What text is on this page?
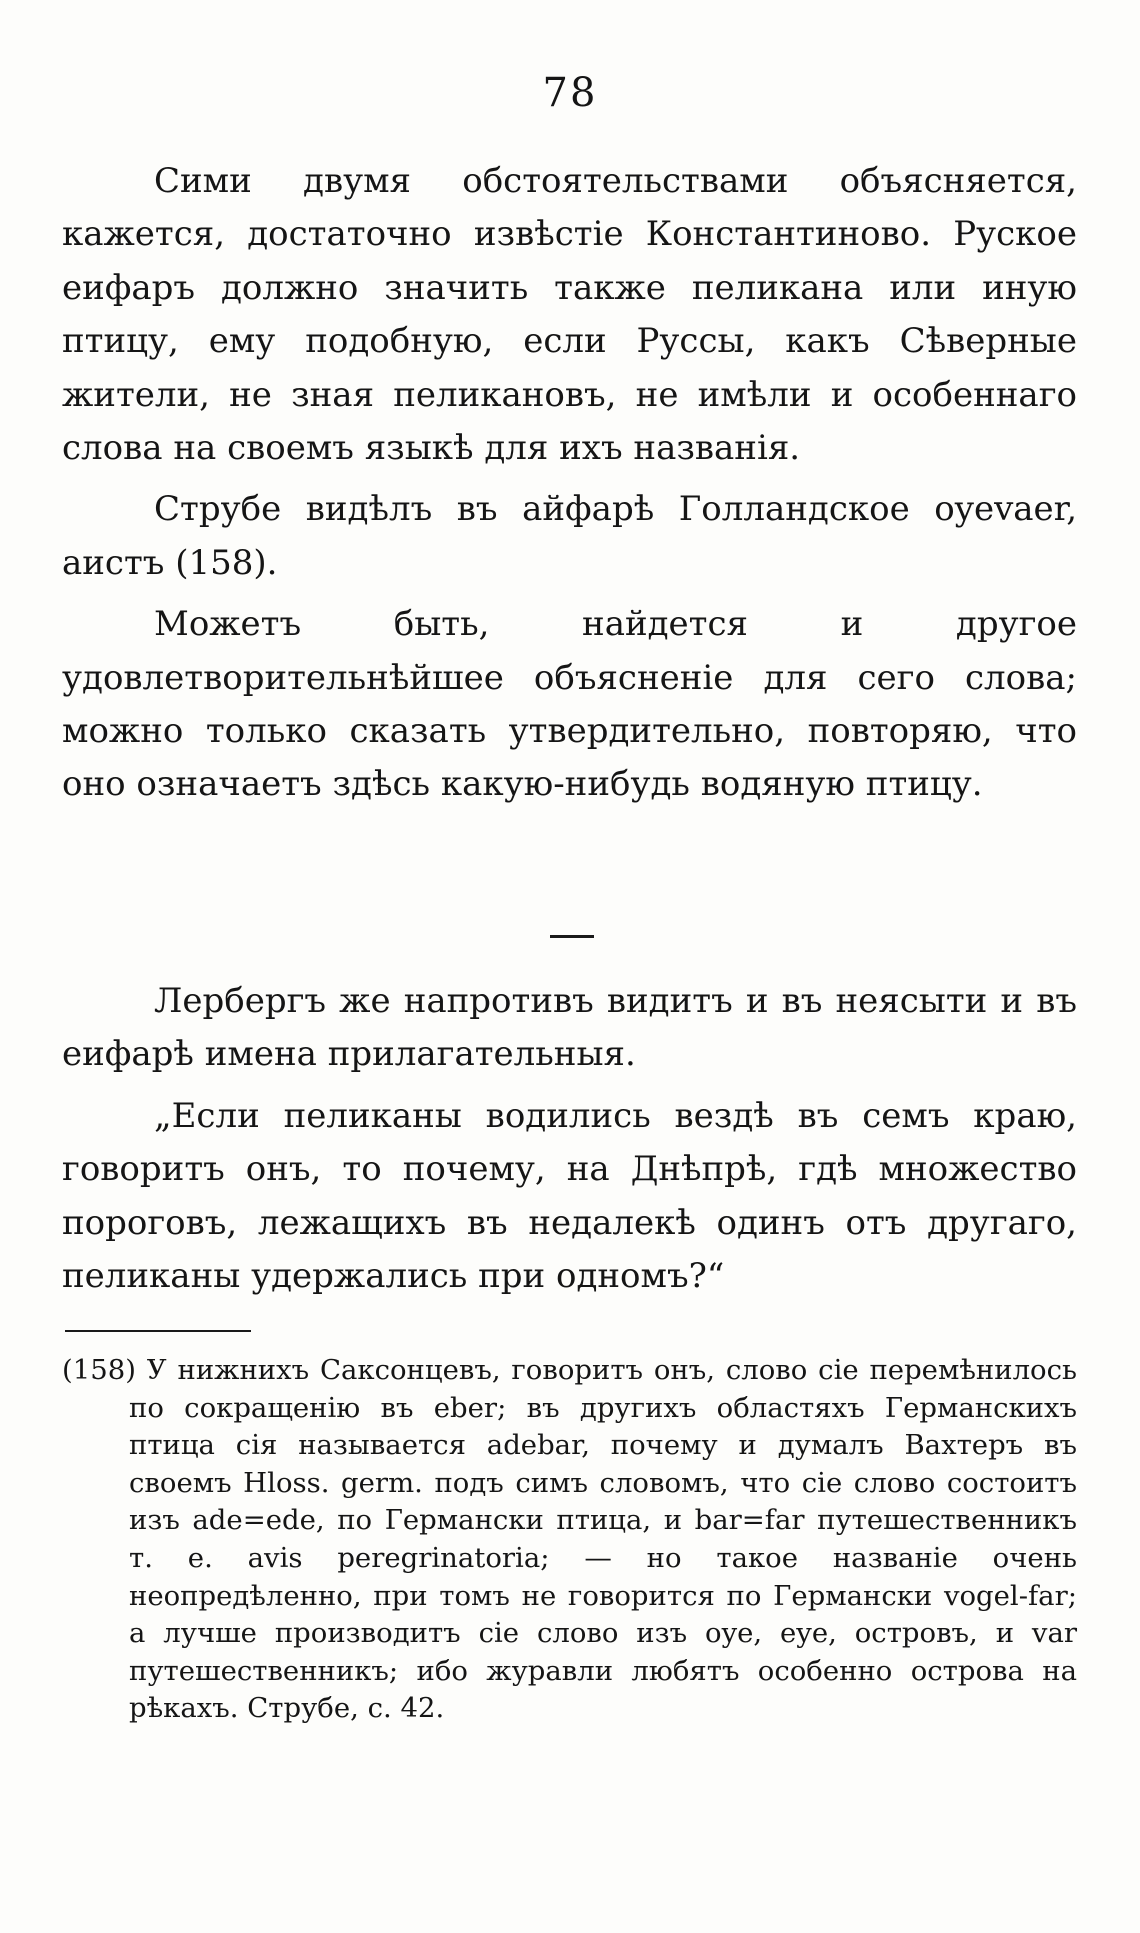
78

Сими двумя обстоятельствами объясняется, кажется, достаточно извѣстіе Константиново. Руское еифаръ должно значить также пеликана или иную птицу, ему подобную, если Руссы, какъ Сѣверные жители, не зная пеликановъ, не имѣли и особеннаго слова на своемъ языкѣ для ихъ названія.

Струбе видѣлъ въ айфарѣ Голландское oyevaer, аистъ (158).

Можетъ быть, найдется и другое удовлетворительнѣйшее объясненіе для сего слова; можно только сказать утвердительно, повторяю, что оно означаетъ здѣсь какую-нибудь водяную птицу.

Лербергъ же напротивъ видитъ и въ неясыти и въ еифарѣ имена прилагательныя.

„Если пеликаны водились вездѣ въ семъ краю, говоритъ онъ, то почему, на Днѣпрѣ, гдѣ множество пороговъ, лежащихъ въ недалекѣ одинъ отъ другаго, пеликаны удержались при одномъ?“

(158) У нижнихъ Саксонцевъ, говоритъ онъ, слово сіе перемѣнилось по сокращенію въ eber; въ другихъ областяхъ Германскихъ птица сія называется adebar, почему и думалъ Вахтеръ въ своемъ Hloss. germ. подъ симъ словомъ, что сіе слово состоитъ изъ ade=ede, по Германски птица, и bar=far путешественникъ т. е. avis peregrinatoria; — но такое названіе очень неопредѣленно, при томъ не говорится по Германски vogel-far; а лучше производитъ сіе слово изъ oye, eye, островъ, и var путешественникъ; ибо журавли любятъ особенно острова на рѣкахъ. Струбе, с. 42.
